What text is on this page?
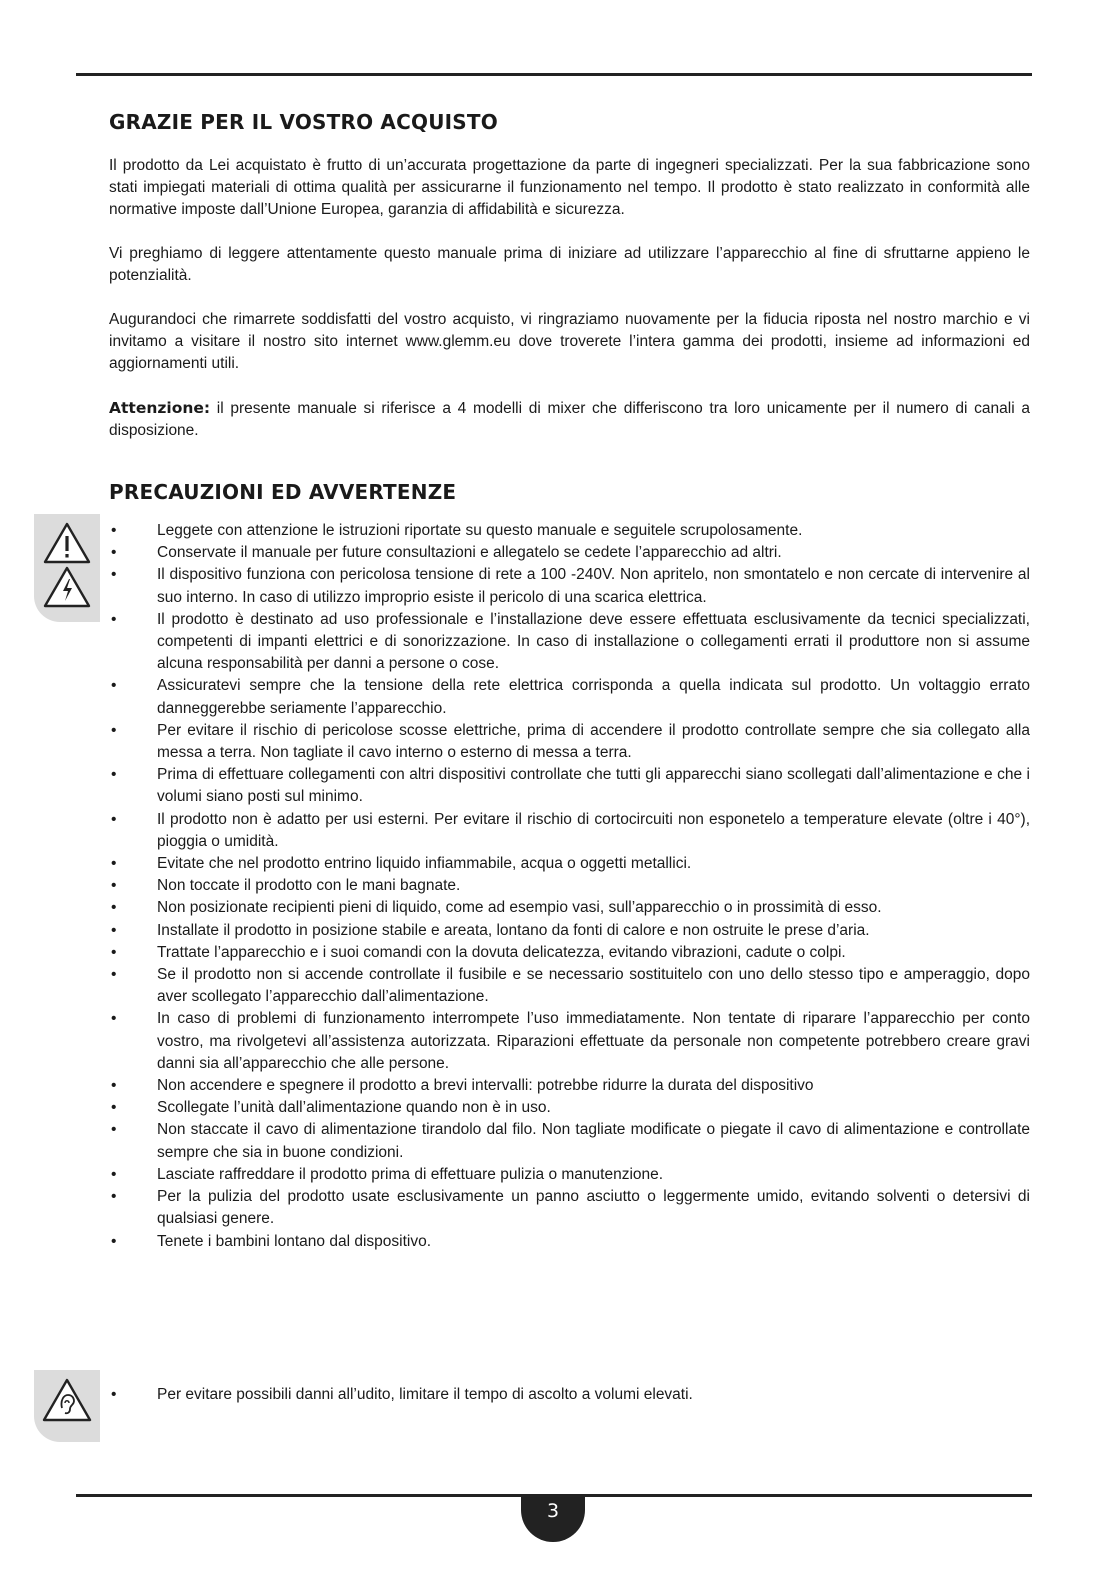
GRAZIE PER IL VOSTRO ACQUISTO

Il prodotto da Lei acquistato è frutto di un’accurata progettazione da parte di ingegneri specializzati. Per la sua fabbricazione sono stati impiegati materiali di ottima qualità per assicurarne il funzionamento nel tempo. Il prodotto è stato realizzato in conformità alle normative imposte dall’Unione Europea, garanzia di affidabilità e sicurezza.

Vi preghiamo di leggere attentamente questo manuale prima di iniziare ad utilizzare l’apparecchio al fine di sfruttarne appieno le potenzialità.

Augurandoci che rimarrete soddisfatti del vostro acquisto, vi ringraziamo nuovamente per la fiducia riposta nel nostro marchio e vi invitamo a visitare il nostro sito internet www.glemm.eu dove troverete l’intera gamma dei prodotti, insieme ad informazioni ed aggiornamenti utili.

Attenzione: il presente manuale si riferisce a 4 modelli di mixer che differiscono tra loro unicamente per il numero di canali a disposizione.

PRECAUZIONI ED AVVERTENZE
• Leggete con attenzione le istruzioni riportate su questo manuale e seguitele scrupolosamente.
• Conservate il manuale per future consultazioni e allegatelo se cedete l’apparecchio ad altri.
• Il dispositivo funziona con pericolosa tensione di rete a 100 -240V. Non apritelo, non smontatelo e non cercate di intervenire al suo interno. In caso di utilizzo improprio esiste il pericolo di una scarica elettrica.
• Il prodotto è destinato ad uso professionale e l’installazione deve essere effettuata esclusivamente da tecnici specializzati, competenti di impanti elettrici e di sonorizzazione. In caso di installazione o collegamenti errati il produttore non si assume alcuna responsabilità per danni a persone o cose.
• Assicuratevi sempre che la tensione della rete elettrica corrisponda a quella indicata sul prodotto. Un voltaggio errato danneggerebbe seriamente l’apparecchio.
• Per evitare il rischio di pericolose scosse elettriche, prima di accendere il prodotto controllate sempre che sia collegato alla messa a terra. Non tagliate il cavo interno o esterno di messa a terra.
• Prima di effettuare collegamenti con altri dispositivi controllate che tutti gli apparecchi siano scollegati dall’alimentazione e che i volumi siano posti sul minimo.
• Il prodotto non è adatto per usi esterni. Per evitare il rischio di cortocircuiti non esponetelo a temperature elevate (oltre i 40°), pioggia o umidità.
• Evitate che nel prodotto entrino liquido infiammabile, acqua o oggetti metallici.
• Non toccate il prodotto con le mani bagnate.
• Non posizionate recipienti pieni di liquido, come ad esempio vasi, sull’apparecchio o in prossimità di esso.
• Installate il prodotto in posizione stabile e areata, lontano da fonti di calore e non ostruite le prese d’aria.
• Trattate l’apparecchio e i suoi comandi con la dovuta delicatezza, evitando vibrazioni, cadute o colpi.
• Se il prodotto non si accende controllate il fusibile e se necessario sostituitelo con uno dello stesso tipo e amperaggio, dopo aver scollegato l’apparecchio dall’alimentazione.
• In caso di problemi di funzionamento interrompete l’uso immediatamente. Non tentate di riparare l’apparecchio per conto vostro, ma rivolgetevi all’assistenza autorizzata. Riparazioni effettuate da personale non competente potrebbero creare gravi danni sia all’apparecchio che alle persone.
• Non accendere e spegnere il prodotto a brevi intervalli: potrebbe ridurre la durata del dispositivo
• Scollegate l’unità dall’alimentazione quando non è in uso.
• Non staccate il cavo di alimentazione tirandolo dal filo. Non tagliate modificate o piegate il cavo di alimentazione e controllate sempre che sia in buone condizioni.
• Lasciate raffreddare il prodotto prima di effettuare pulizia o manutenzione.
• Per la pulizia del prodotto usate esclusivamente un panno asciutto o leggermente umido, evitando solventi o detersivi di qualsiasi genere.
• Tenete i bambini lontano dal dispositivo.
• Per evitare possibili danni all’udito, limitare il tempo di ascolto a volumi elevati.
3
